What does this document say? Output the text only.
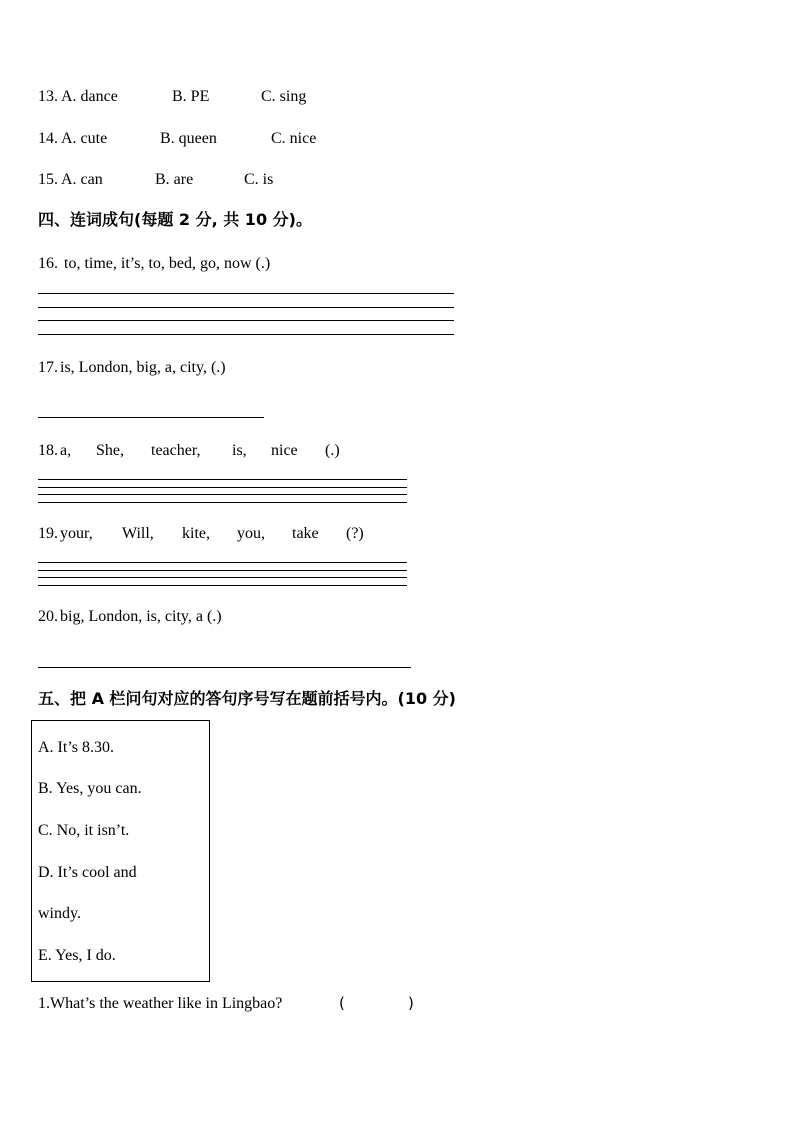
13. A. dance	B. PE	C. sing
14. A. cute	B. queen	C. nice
15. A. can	B. are	C. is
四、连词成句(每题 2 分, 共 10 分)。
16. to, time, it’s, to, bed, go, now (.)
17. is, London, big, a, city, (.)
18. a, She, teacher, is, nice (.)
19. your, Will, kite, you, take (?)
20. big, London, is, city, a (.)
五、把 A 栏问句对应的答句序号写在题前括号内。(10 分)
A. It’s 8.30.
B. Yes, you can.
C. No, it isn’t.
D. It’s cool and
windy.
E. Yes, I do.
1.What’s the weather like in Lingbao?	(	)
